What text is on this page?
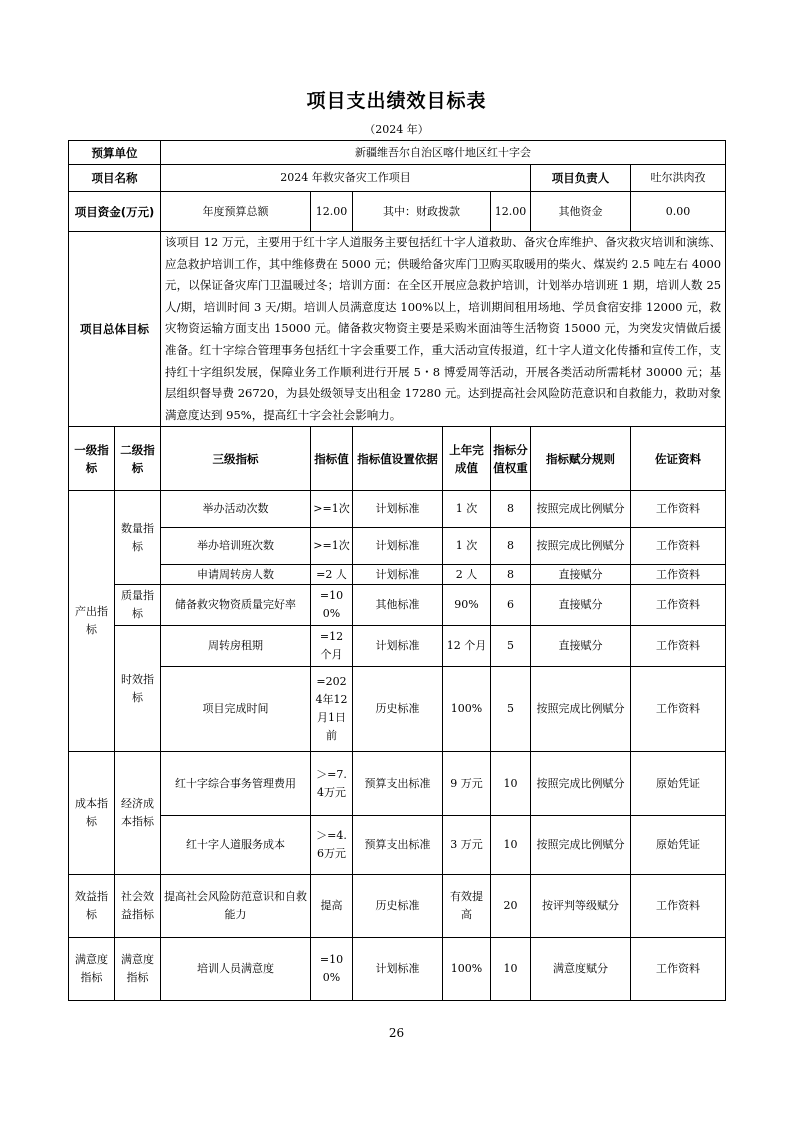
项目支出绩效目标表
（2024 年）
预算单位		新疆维吾尔自治区喀什地区红十字会						
项目名称		2024 年救灾备灾工作项目					项目负责人	吐尔洪肉孜
项目资金(万元)		年度预算总额	12.00	其中：财政拨款		12.00	其他资金	0.00
项目总体目标		该项目 12 万元，主要用于红十字人道服务主要包括红十字人道救助、备灾仓库维护、备灾救灾培训和演练、应急救护培训工作，其中维修费在 5000 元；供暖给备灾库门卫购买取暖用的柴火、煤炭约 2.5 吨左右 4000 元，以保证备灾库门卫温暖过冬；培训方面：在全区开展应急救护培训，计划举办培训班 1 期，培训人数 25 人/期，培训时间 3 天/期。培训人员满意度达 100%以上，培训期间租用场地、学员食宿安排 12000 元，救灾物资运输方面支出 15000 元。储备救灾物资主要是采购米面油等生活物资 15000 元，为突发灾情做后援准备。红十字综合管理事务包括红十字会重要工作，重大活动宣传报道，红十字人道文化传播和宣传工作，支持红十字组织发展，保障业务工作顺利进行开展 5・8 博爱周等活动，开展各类活动所需耗材 30000 元；基层组织督导费 26720，为县处级领导支出租金 17280 元。达到提高社会风险防范意识和自救能力，救助对象满意度达到 95%，提高红十字会社会影响力。						
一级指标	二级指标	三级指标	指标值	指标值设置依据	上年完成值	指标分值权重	指标赋分规则	佐证资料
产出指标	数量指标	举办活动次数	>=1次	计划标准	1 次	8	按照完成比例赋分	工作资料
		举办培训班次数	>=1次	计划标准	1 次	8	按照完成比例赋分	工作资料
		申请周转房人数	=2 人	计划标准	2 人	8	直接赋分	工作资料
	质量指标	储备救灾物资质量完好率	=100%	其他标准	90%	6	直接赋分	工作资料
	时效指标	周转房租期	=12 个月	计划标准	12 个月	5	直接赋分	工作资料
		项目完成时间	=2024年12月1日前	历史标准	100%	5	按照完成比例赋分	工作资料
成本指标	经济成本指标	红十字综合事务管理费用	＞=7.4万元	预算支出标准	9 万元	10	按照完成比例赋分	原始凭证
		红十字人道服务成本	＞=4.6万元	预算支出标准	3 万元	10	按照完成比例赋分	原始凭证
效益指标	社会效益指标	提高社会风险防范意识和自救能力	提高	历史标准	有效提高	20	按评判等级赋分	工作资料
满意度指标	满意度指标	培训人员满意度	=100%	计划标准	100%	10	满意度赋分	工作资料
26
